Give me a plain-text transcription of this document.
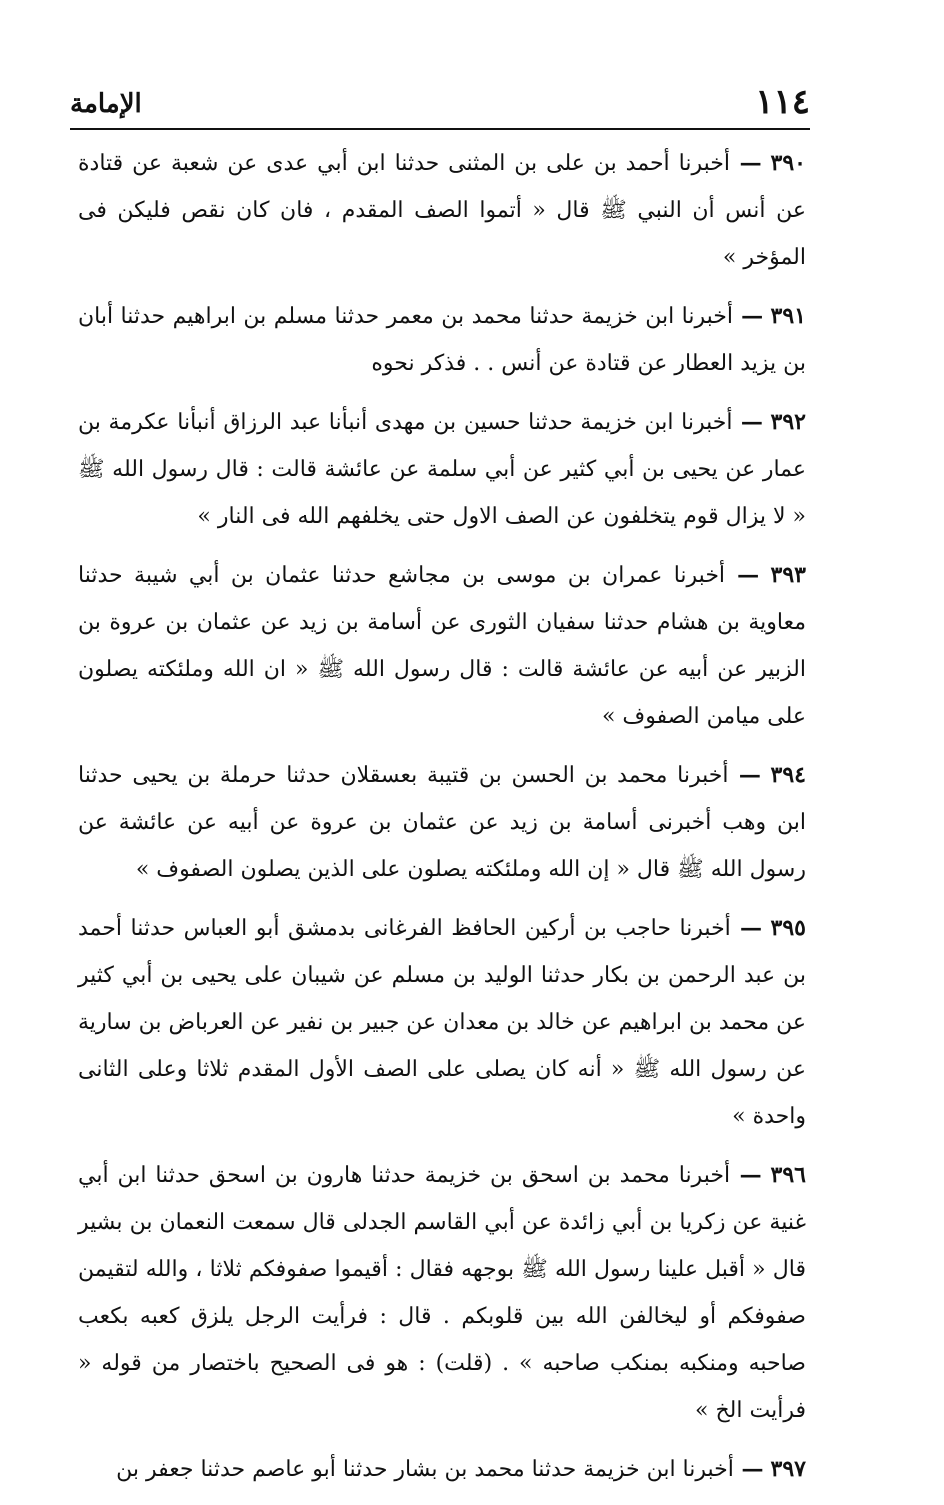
١١٤
الإمامة

٣٩٠ — أخبرنا أحمد بن على بن المثنى حدثنا ابن أبي عدى عن شعبة عن قتادة عن أنس أن النبي ﷺ قال « أتموا الصف المقدم ، فان كان نقص فليكن فى المؤخر »

٣٩١ — أخبرنا ابن خزيمة حدثنا محمد بن معمر حدثنا مسلم بن ابراهيم حدثنا أبان بن يزيد العطار عن قتادة عن أنس . . فذكر نحوه

٣٩٢ — أخبرنا ابن خزيمة حدثنا حسين بن مهدى أنبأنا عبد الرزاق أنبأنا عكرمة بن عمار عن يحيى بن أبي كثير عن أبي سلمة عن عائشة قالت : قال رسول الله ﷺ « لا يزال قوم يتخلفون عن الصف الاول حتى يخلفهم الله فى النار »

٣٩٣ — أخبرنا عمران بن موسى بن مجاشع حدثنا عثمان بن أبي شيبة حدثنا معاوية بن هشام حدثنا سفيان الثورى عن أسامة بن زيد عن عثمان بن عروة بن الزبير عن أبيه عن عائشة قالت : قال رسول الله ﷺ « ان الله وملئكته يصلون على ميامن الصفوف »

٣٩٤ — أخبرنا محمد بن الحسن بن قتيبة بعسقلان حدثنا حرملة بن يحيى حدثنا ابن وهب أخبرنى أسامة بن زيد عن عثمان بن عروة عن أبيه عن عائشة عن رسول الله ﷺ قال « إن الله وملئكته يصلون على الذين يصلون الصفوف »

٣٩٥ — أخبرنا حاجب بن أركين الحافظ الفرغانى بدمشق أبو العباس حدثنا أحمد بن عبد الرحمن بن بكار حدثنا الوليد بن مسلم عن شيبان على يحيى بن أبي كثير عن محمد بن ابراهيم عن خالد بن معدان عن جبير بن نفير عن العرباض بن سارية عن رسول الله ﷺ « أنه كان يصلى على الصف الأول المقدم ثلاثا وعلى الثانى واحدة »

٣٩٦ — أخبرنا محمد بن اسحق بن خزيمة حدثنا هارون بن اسحق حدثنا ابن أبي غنية عن زكريا بن أبي زائدة عن أبي القاسم الجدلى قال سمعت النعمان بن بشير قال « أقبل علينا رسول الله ﷺ بوجهه فقال : أقيموا صفوفكم ثلاثا ، والله لتقيمن صفوفكم أو ليخالفن الله بين قلوبكم . قال : فرأيت الرجل يلزق كعبه بكعب صاحبه ومنكبه بمنكب صاحبه » . (قلت) : هو فى الصحيح باختصار من قوله « فرأيت الخ »

٣٩٧ — أخبرنا ابن خزيمة حدثنا محمد بن بشار حدثنا أبو عاصم حدثنا جعفر بن
